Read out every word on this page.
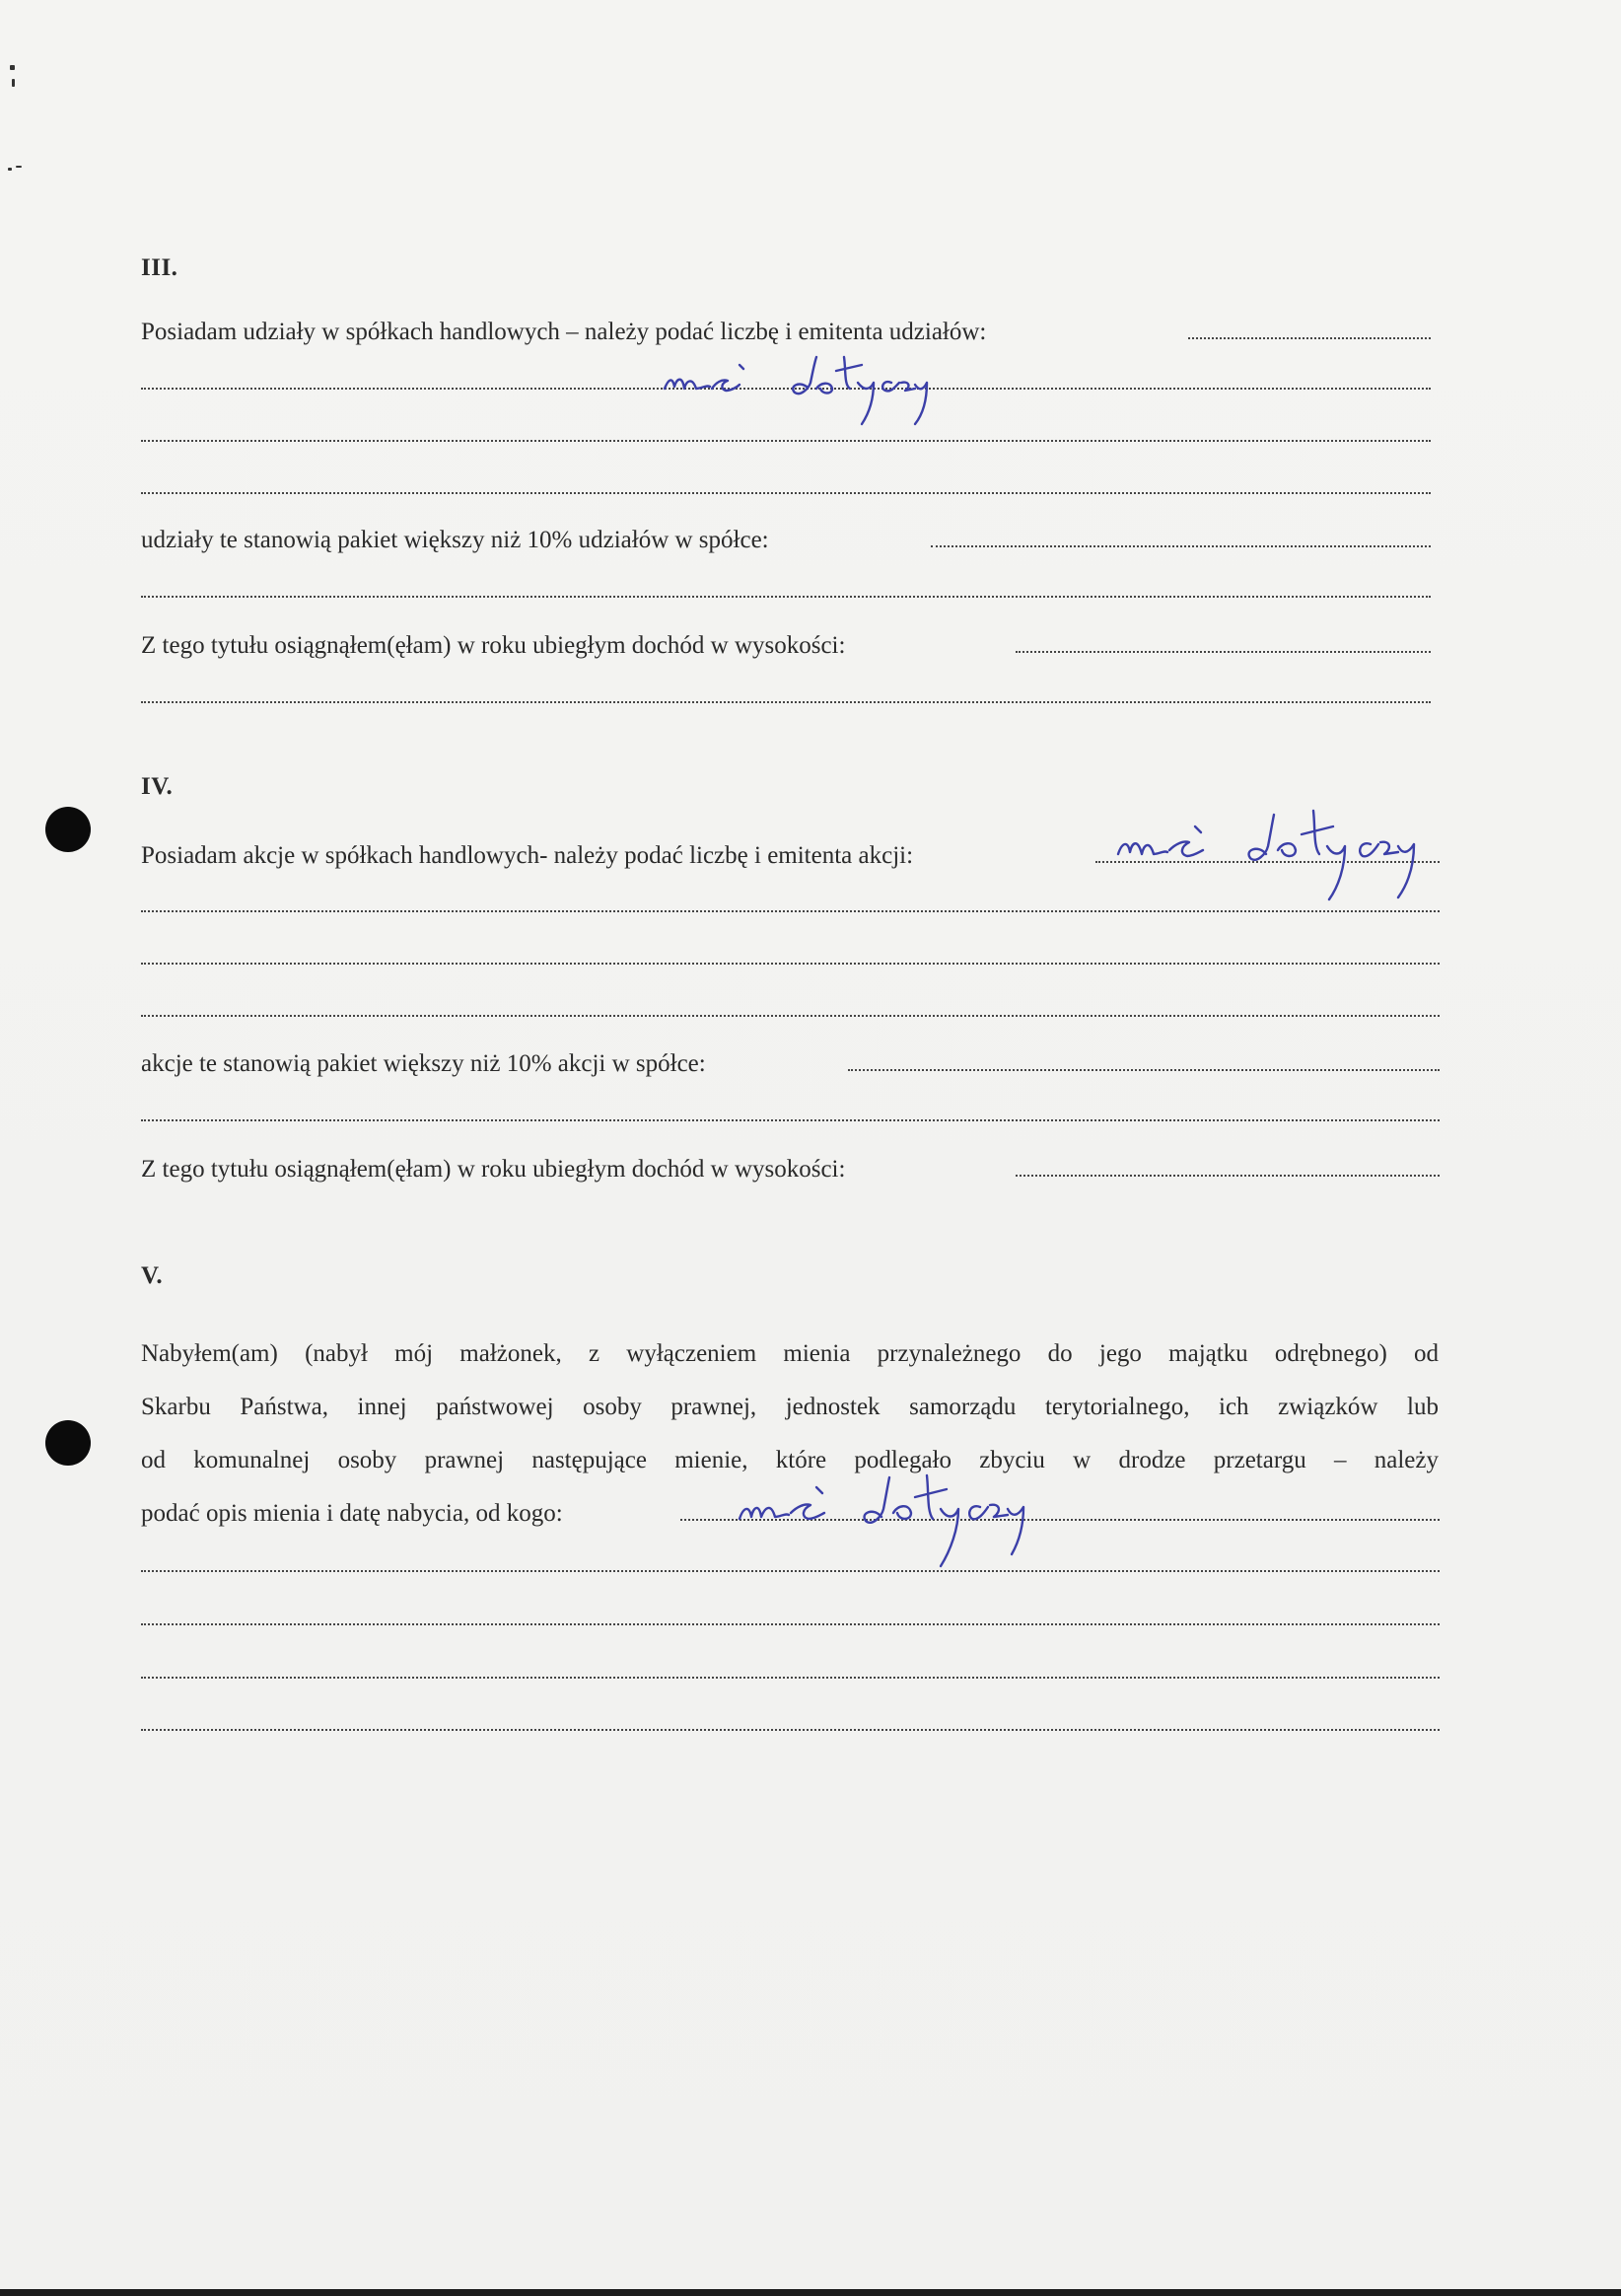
III.
Posiadam udziały w spółkach handlowych – należy podać liczbę i emitenta udziałów:
udziały te stanowią pakiet większy niż 10% udziałów w spółce:
Z tego tytułu osiągnąłem(ęłam) w roku ubiegłym dochód w wysokości:
IV.
Posiadam akcje w spółkach handlowych- należy podać liczbę i emitenta akcji:
akcje te stanowią pakiet większy niż 10% akcji w spółce:
Z tego tytułu osiągnąłem(ęłam) w roku ubiegłym dochód w wysokości:
V.
Nabyłem(am) (nabył mój małżonek, z wyłączeniem mienia przynależnego do jego majątku odrębnego) od
Skarbu Państwa, innej państwowej osoby prawnej, jednostek samorządu terytorialnego, ich związków lub
od komunalnej osoby prawnej następujące mienie, które podlegało zbyciu w drodze przetargu – należy
podać opis mienia i datę nabycia, od kogo:
